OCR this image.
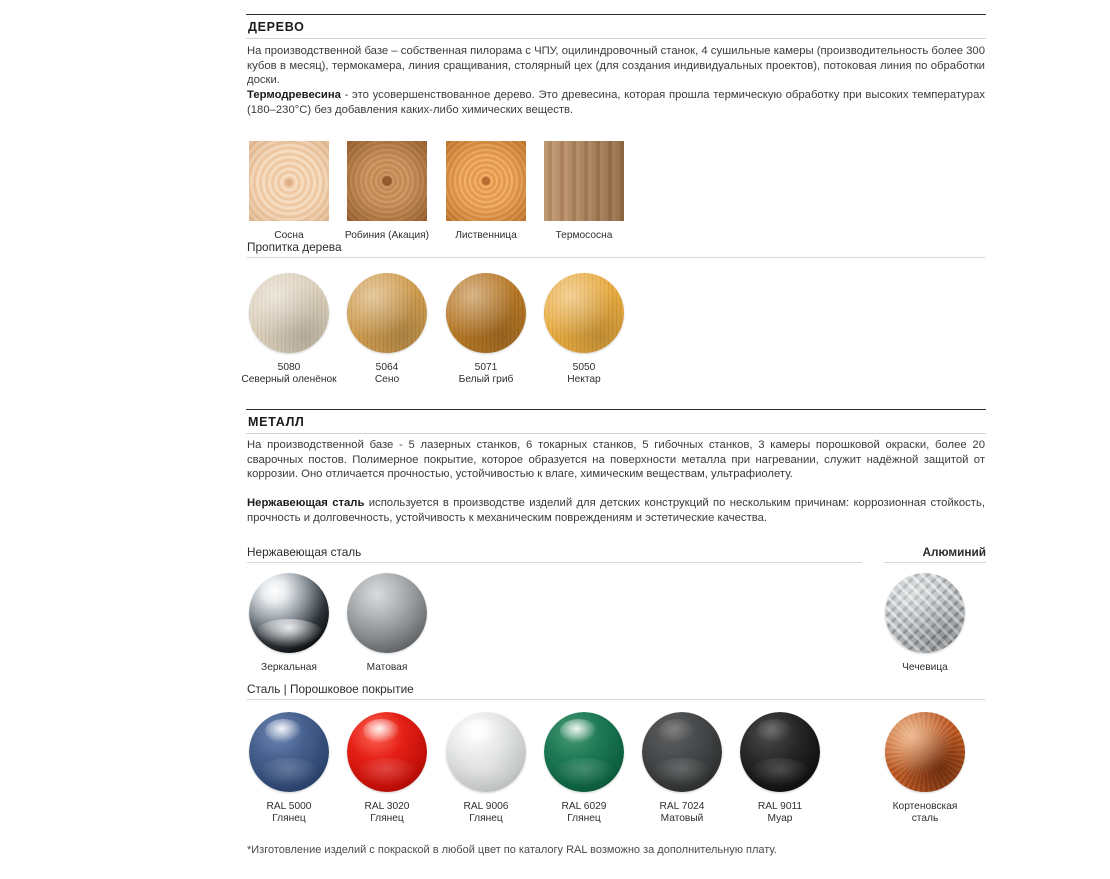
ДЕРЕВО
На производственной базе – собственная пилорама с ЧПУ, оцилиндровочный станок, 4 сушильные камеры (производительность более 300 кубов в месяц), термокамера, линия сращивания, столярный цех (для создания индивидуальных проектов), потоковая линия по обработки доски.
Термодревесина - это усовершенствованное дерево. Это древесина, которая прошла термическую обработку при высоких температурах (180–230°C) без добавления каких-либо химических веществ.
Сосна	Робиния (Акация)	Лиственница	Термососна
Пропитка дерева
5080
Северный оленёнок
5064
Сено
5071
Белый гриб
5050
Нектар
МЕТАЛЛ
На производственной базе - 5 лазерных станков, 6 токарных станков, 5 гибочных станков, 3 камеры порошковой окраски, более 20 сварочных постов. Полимерное покрытие, которое образуется на поверхности металла при нагревании, служит надёжной защитой от коррозии. Оно отличается прочностью, устойчивостью к влаге, химическим веществам, ультрафиолету.
Нержавеющая сталь используется в производстве изделий для детских конструкций по нескольким причинам: коррозионная стойкость, прочность и долговечность, устойчивость к механическим повреждениям и эстетические качества.
Нержавеющая сталь	Алюминий
Зеркальная	Матовая	Чечевица
Сталь | Порошковое покрытие
RAL 5000
Глянец
RAL 3020
Глянец
RAL 9006
Глянец
RAL 6029
Глянец
RAL 7024
Матовый
RAL 9011
Муар
Кортеновская
сталь
*Изготовление изделий с покраской в любой цвет по каталогу RAL возможно за дополнительную плату.
